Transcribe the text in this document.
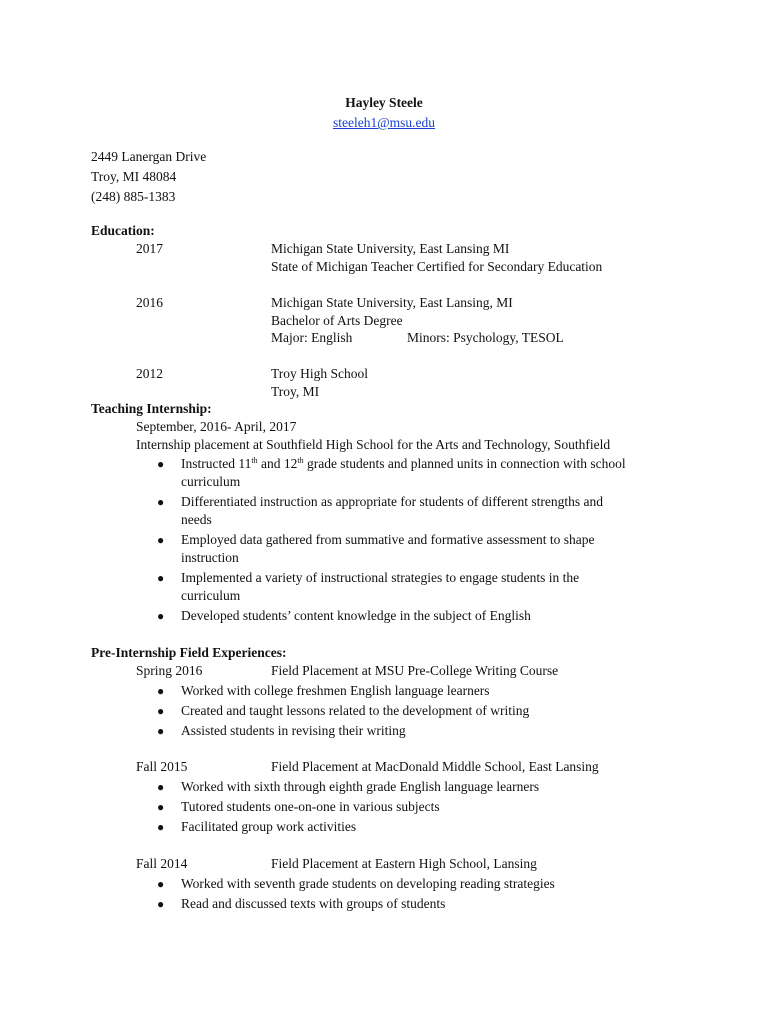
Hayley Steele
steeleh1@msu.edu
2449 Lanergan Drive
Troy, MI 48084
(248) 885-1383
Education:
2017	Michigan State University, East Lansing MI
State of Michigan Teacher Certified for Secondary Education
2016	Michigan State University, East Lansing, MI
Bachelor of Arts Degree
Major: English	Minors: Psychology, TESOL
2012	Troy High School
Troy, MI
Teaching Internship:
September, 2016- April, 2017
Internship placement at Southfield High School for the Arts and Technology, Southfield
● Instructed 11th and 12th grade students and planned units in connection with school
curriculum
● Differentiated instruction as appropriate for students of different strengths and
needs
● Employed data gathered from summative and formative assessment to shape
instruction
● Implemented a variety of instructional strategies to engage students in the
curriculum
● Developed students’ content knowledge in the subject of English
Pre-Internship Field Experiences:
Spring 2016	Field Placement at MSU Pre-College Writing Course
● Worked with college freshmen English language learners
● Created and taught lessons related to the development of writing
● Assisted students in revising their writing
Fall 2015	Field Placement at MacDonald Middle School, East Lansing
● Worked with sixth through eighth grade English language learners
● Tutored students one-on-one in various subjects
● Facilitated group work activities
Fall 2014	Field Placement at Eastern High School, Lansing
● Worked with seventh grade students on developing reading strategies
● Read and discussed texts with groups of students
